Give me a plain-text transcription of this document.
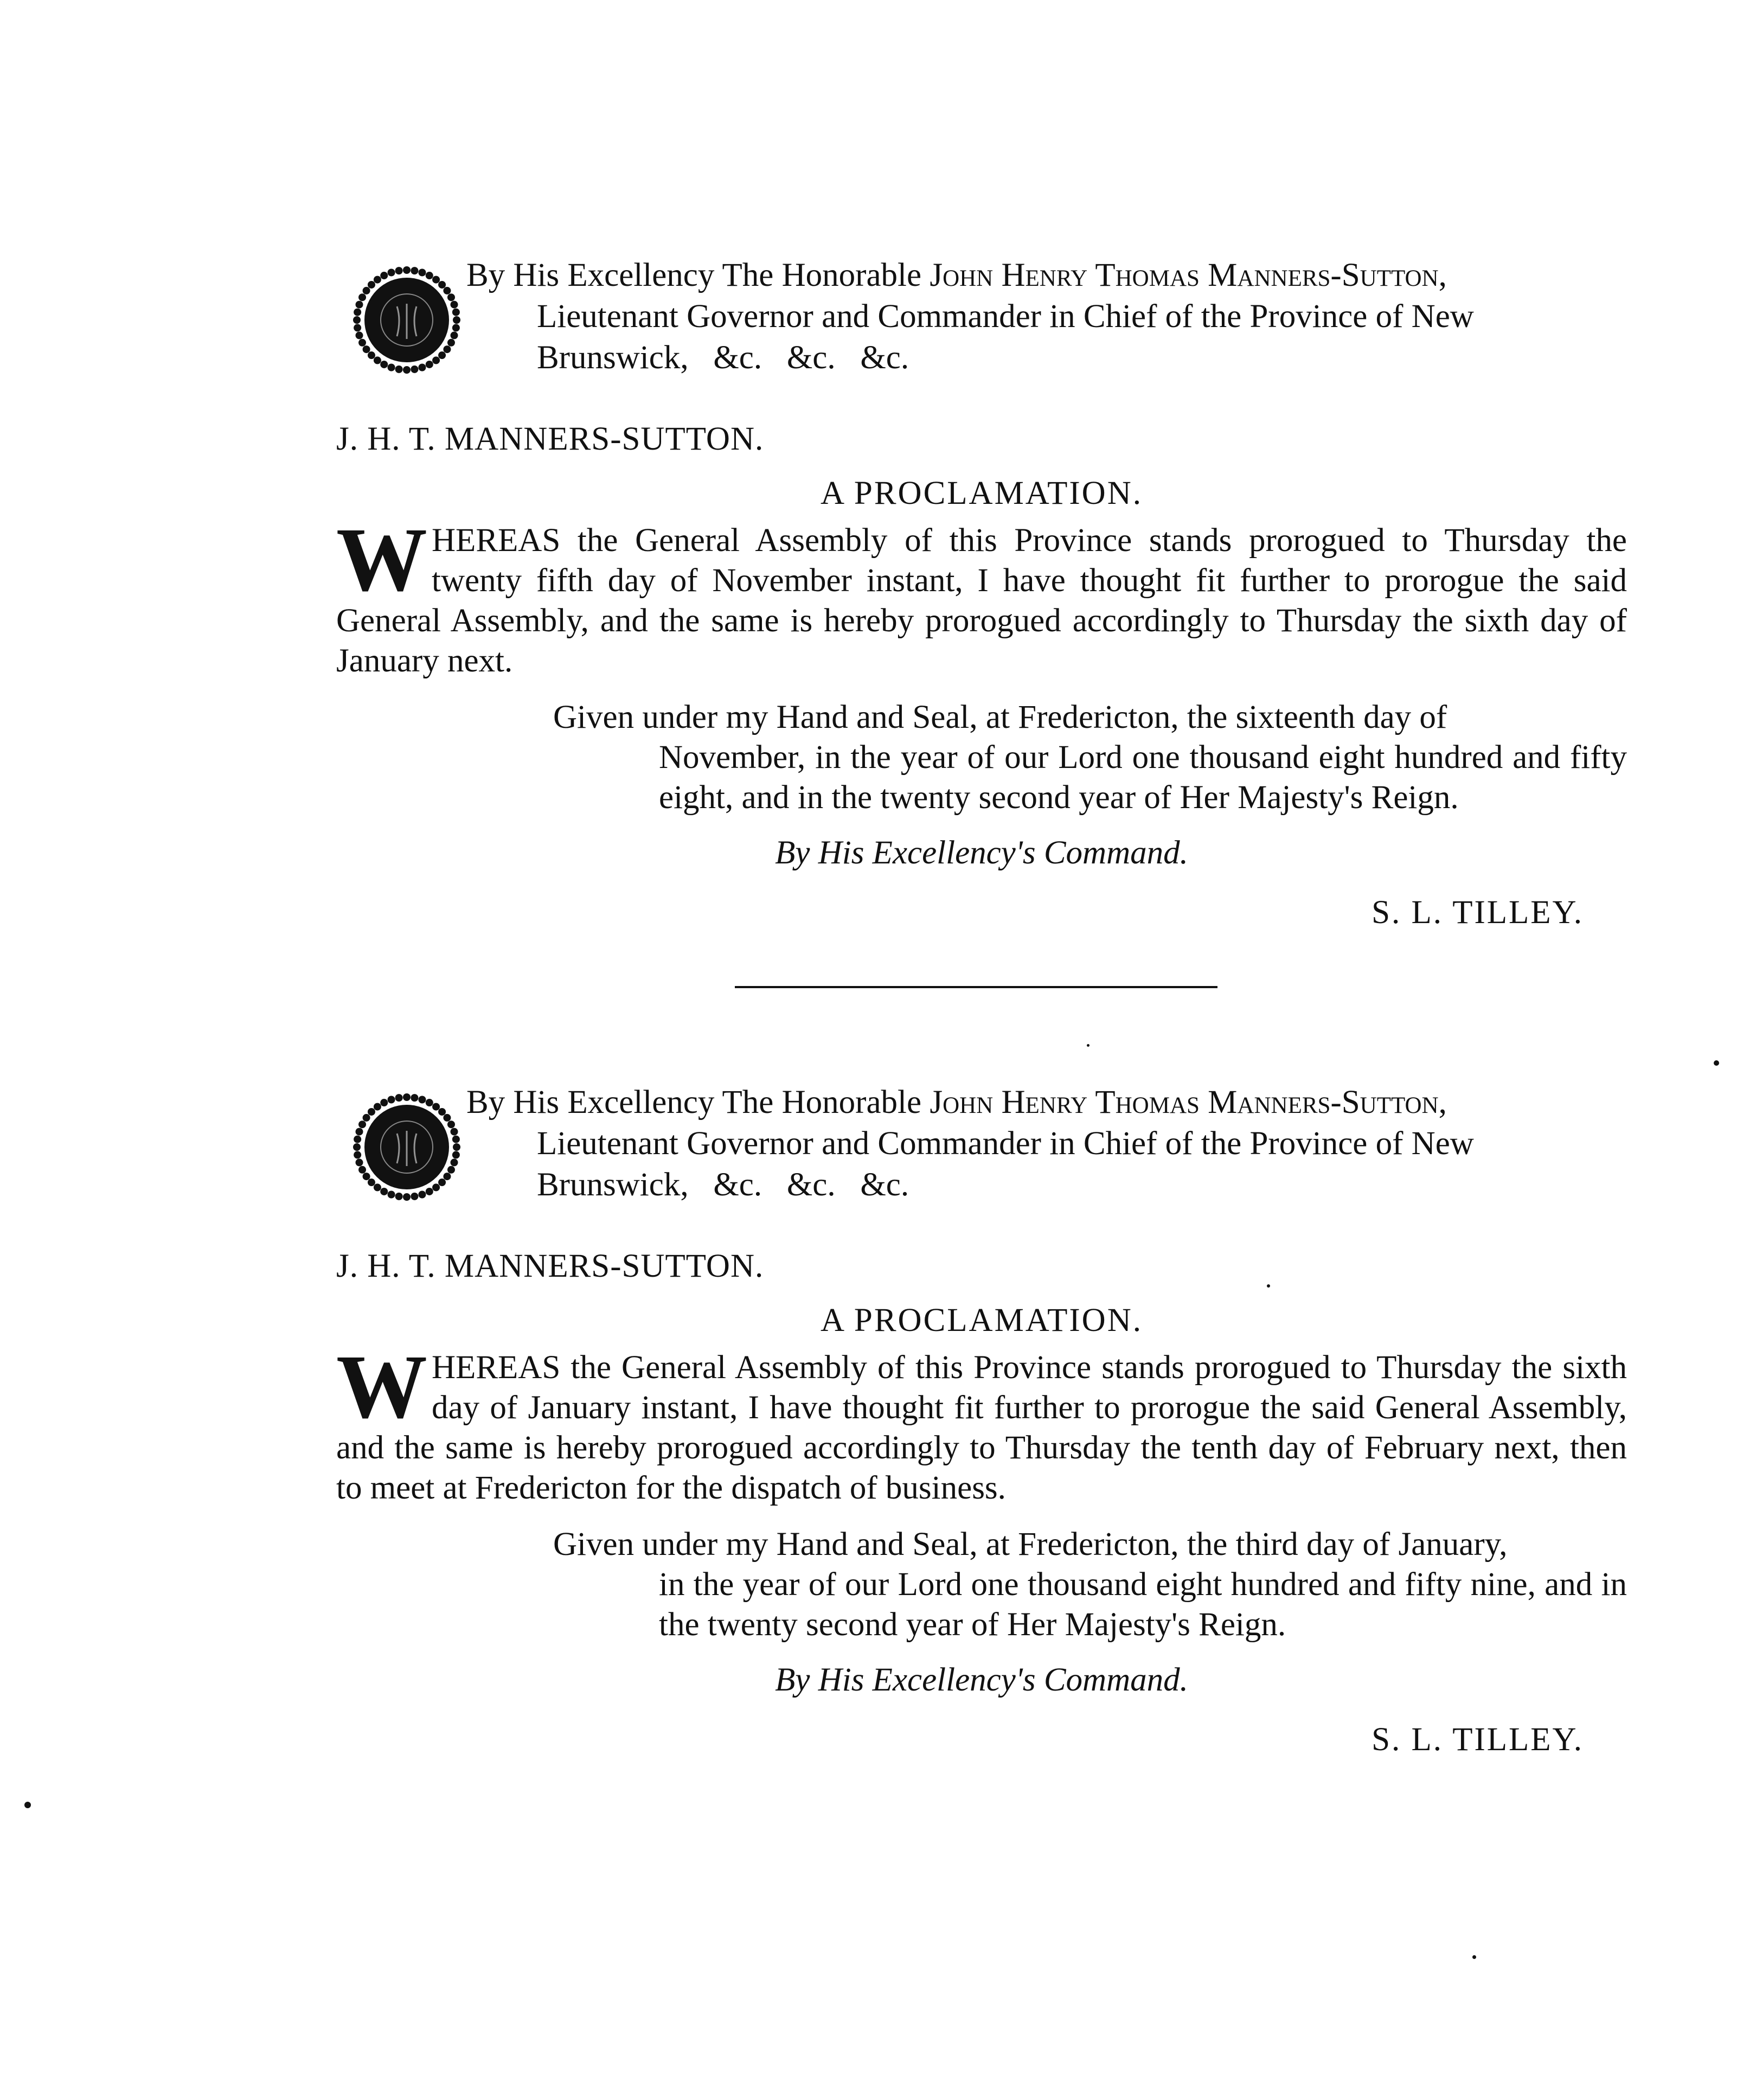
By His Excellency The Honorable John Henry Thomas Manners-Sutton,
Lieutenant Governor and Commander in Chief of the Province of New
Brunswick,   &c.   &c.   &c.
J. H. T. MANNERS-SUTTON.
A PROCLAMATION.
W HEREAS the General Assembly of this Province stands prorogued to Thursday the twenty fifth day of November instant, I have thought fit further to prorogue the said General Assembly, and the same is hereby prorogued accordingly to Thursday the sixth day of January next.
Given under my Hand and Seal, at Fredericton, the sixteenth day of
November, in the year of our Lord one thousand eight hundred and fifty eight, and in the twenty second year of Her Majesty's Reign.
By His Excellency's Command.
S. L. TILLEY.
By His Excellency The Honorable John Henry Thomas Manners-Sutton,
Lieutenant Governor and Commander in Chief of the Province of New
Brunswick,   &c.   &c.   &c.
J. H. T. MANNERS-SUTTON.
A PROCLAMATION.
W HEREAS the General Assembly of this Province stands prorogued to Thursday the sixth day of January instant, I have thought fit further to prorogue the said General Assembly, and the same is hereby prorogued accordingly to Thursday the tenth day of February next, then to meet at Fredericton for the dispatch of business.
Given under my Hand and Seal, at Fredericton, the third day of January,
in the year of our Lord one thousand eight hundred and fifty nine, and in the twenty second year of Her Majesty's Reign.
By His Excellency's Command.
S. L. TILLEY.
